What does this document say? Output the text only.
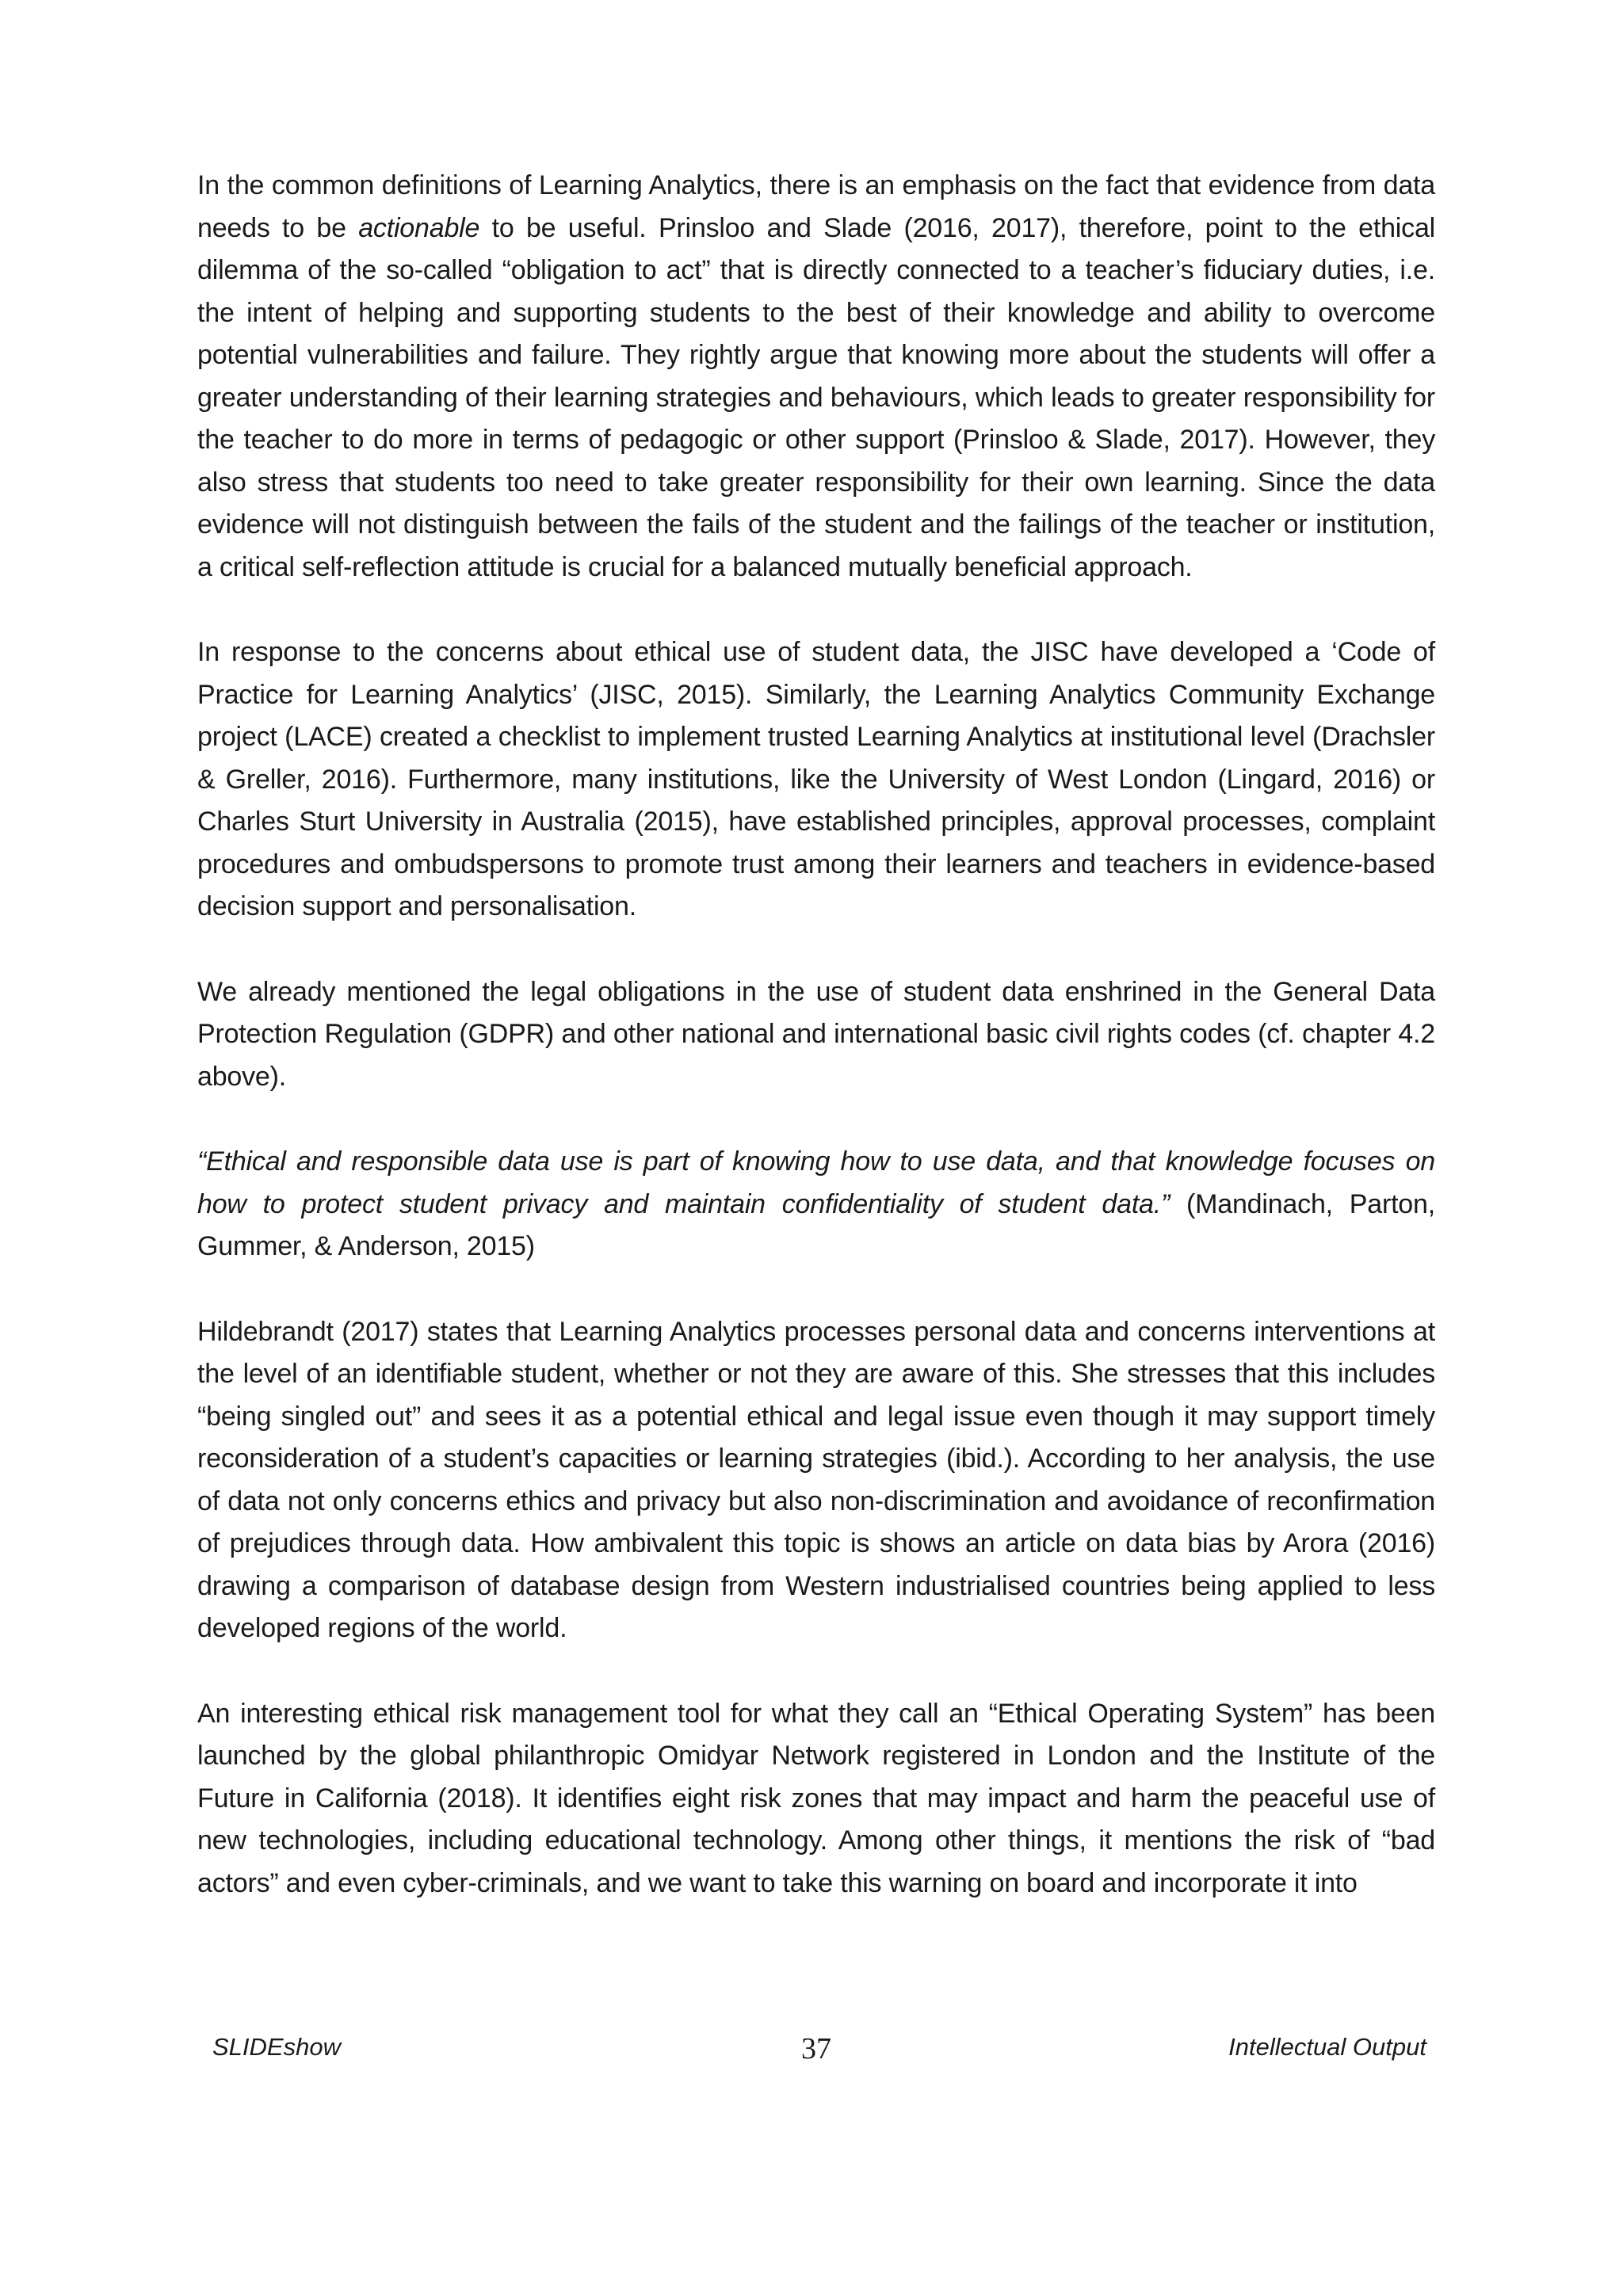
In the common definitions of Learning Analytics, there is an emphasis on the fact that evidence from data needs to be actionable to be useful. Prinsloo and Slade (2016, 2017), therefore, point to the ethical dilemma of the so-called “obligation to act” that is directly connected to a teacher’s fiduciary duties, i.e. the intent of helping and supporting students to the best of their knowledge and ability to overcome potential vulnerabilities and failure. They rightly argue that knowing more about the students will offer a greater understanding of their learning strategies and behaviours, which leads to greater responsibility for the teacher to do more in terms of pedagogic or other support (Prinsloo & Slade, 2017). However, they also stress that students too need to take greater responsibility for their own learning. Since the data evidence will not distinguish between the fails of the student and the failings of the teacher or institution, a critical self-reflection attitude is crucial for a balanced mutually beneficial approach.

In response to the concerns about ethical use of student data, the JISC have developed a ‘Code of Practice for Learning Analytics’ (JISC, 2015). Similarly, the Learning Analytics Community Exchange project (LACE) created a checklist to implement trusted Learning Analytics at institutional level (Drachsler & Greller, 2016). Furthermore, many institutions, like the University of West London (Lingard, 2016) or Charles Sturt University in Australia (2015), have established principles, approval processes, complaint procedures and ombudspersons to promote trust among their learners and teachers in evidence-based decision support and personalisation.

We already mentioned the legal obligations in the use of student data enshrined in the General Data Protection Regulation (GDPR) and other national and international basic civil rights codes (cf. chapter 4.2 above).

“Ethical and responsible data use is part of knowing how to use data, and that knowledge focuses on how to protect student privacy and maintain confidentiality of student data.” (Mandinach, Parton, Gummer, & Anderson, 2015)

Hildebrandt (2017) states that Learning Analytics processes personal data and concerns interventions at the level of an identifiable student, whether or not they are aware of this. She stresses that this includes “being singled out” and sees it as a potential ethical and legal issue even though it may support timely reconsideration of a student’s capacities or learning strategies (ibid.). According to her analysis, the use of data not only concerns ethics and privacy but also non-discrimination and avoidance of reconfirmation of prejudices through data. How ambivalent this topic is shows an article on data bias by Arora (2016) drawing a comparison of database design from Western industrialised countries being applied to less developed regions of the world.

An interesting ethical risk management tool for what they call an “Ethical Operating System” has been launched by the global philanthropic Omidyar Network registered in London and the Institute of the Future in California (2018). It identifies eight risk zones that may impact and harm the peaceful use of new technologies, including educational technology. Among other things, it mentions the risk of “bad actors” and even cyber-criminals, and we want to take this warning on board and incorporate it into

SLIDEshow	37	Intellectual Output
